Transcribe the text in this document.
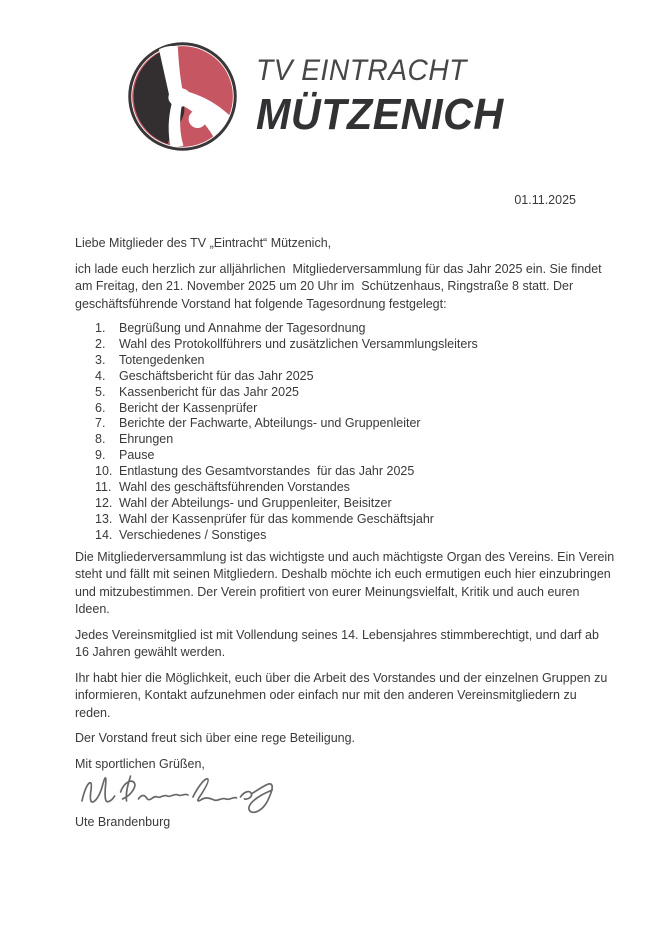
TV EINTRACHT
MÜTZENICH
01.11.2025

Liebe Mitglieder des TV „Eintracht“ Mützenich,

ich lade euch herzlich zur alljährlichen  Mitgliederversammlung für das Jahr 2025 ein. Sie findet am Freitag, den 21. November 2025 um 20 Uhr im  Schützenhaus, Ringstraße 8 statt. Der geschäftsführende Vorstand hat folgende Tagesordnung festgelegt:

1.	Begrüßung und Annahme der Tagesordnung
2.	Wahl des Protokollführers und zusätzlichen Versammlungsleiters
3.	Totengedenken
4.	Geschäftsbericht für das Jahr 2025
5.	Kassenbericht für das Jahr 2025
6.	Bericht der Kassenprüfer
7.	Berichte der Fachwarte, Abteilungs- und Gruppenleiter
8.	Ehrungen
9.	Pause
10. Entlastung des Gesamtvorstandes  für das Jahr 2025
11. Wahl des geschäftsführenden Vorstandes
12. Wahl der Abteilungs- und Gruppenleiter, Beisitzer
13. Wahl der Kassenprüfer für das kommende Geschäftsjahr
14. Verschiedenes / Sonstiges

Die Mitgliederversammlung ist das wichtigste und auch mächtigste Organ des Vereins. Ein Verein steht und fällt mit seinen Mitgliedern. Deshalb möchte ich euch ermutigen euch hier einzubringen und mitzubestimmen. Der Verein profitiert von eurer Meinungsvielfalt, Kritik und auch euren Ideen.

Jedes Vereinsmitglied ist mit Vollendung seines 14. Lebensjahres stimmberechtigt, und darf ab 16 Jahren gewählt werden.

Ihr habt hier die Möglichkeit, euch über die Arbeit des Vorstandes und der einzelnen Gruppen zu informieren, Kontakt aufzunehmen oder einfach nur mit den anderen Vereinsmitgliedern zu reden.

Der Vorstand freut sich über eine rege Beteiligung.

Mit sportlichen Grüßen,

Ute Brandenburg
